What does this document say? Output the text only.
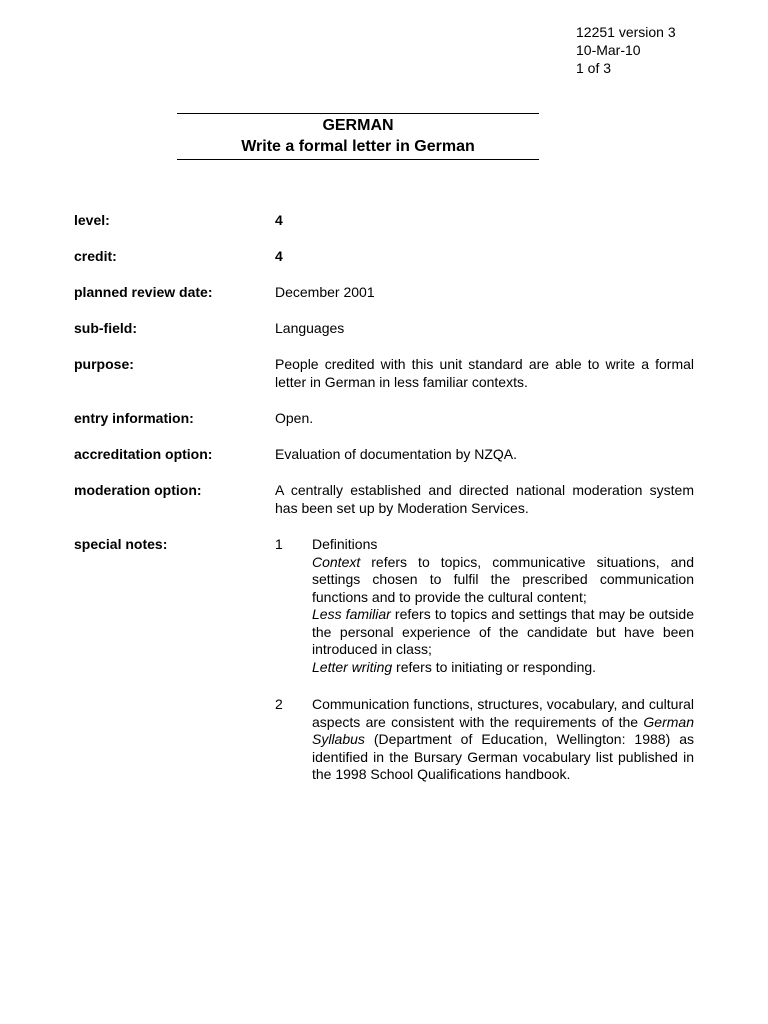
12251 version 3
10-Mar-10
1 of 3
GERMAN
Write a formal letter in German
level:	4
credit:	4
planned review date:	December 2001
sub-field:	Languages
purpose:	People credited with this unit standard are able to write a formal letter in German in less familiar contexts.
entry information:	Open.
accreditation option:	Evaluation of documentation by NZQA.
moderation option:	A centrally established and directed national moderation system has been set up by Moderation Services.
special notes:	1	Definitions

Context refers to topics, communicative situations, and settings chosen to fulfil the prescribed communication functions and to provide the cultural content;

Less familiar refers to topics and settings that may be outside the personal experience of the candidate but have been introduced in class;

Letter writing refers to initiating or responding.

2	Communication functions, structures, vocabulary, and cultural aspects are consistent with the requirements of the German Syllabus (Department of Education, Wellington: 1988) as identified in the Bursary German vocabulary list published in the 1998 School Qualifications handbook.
